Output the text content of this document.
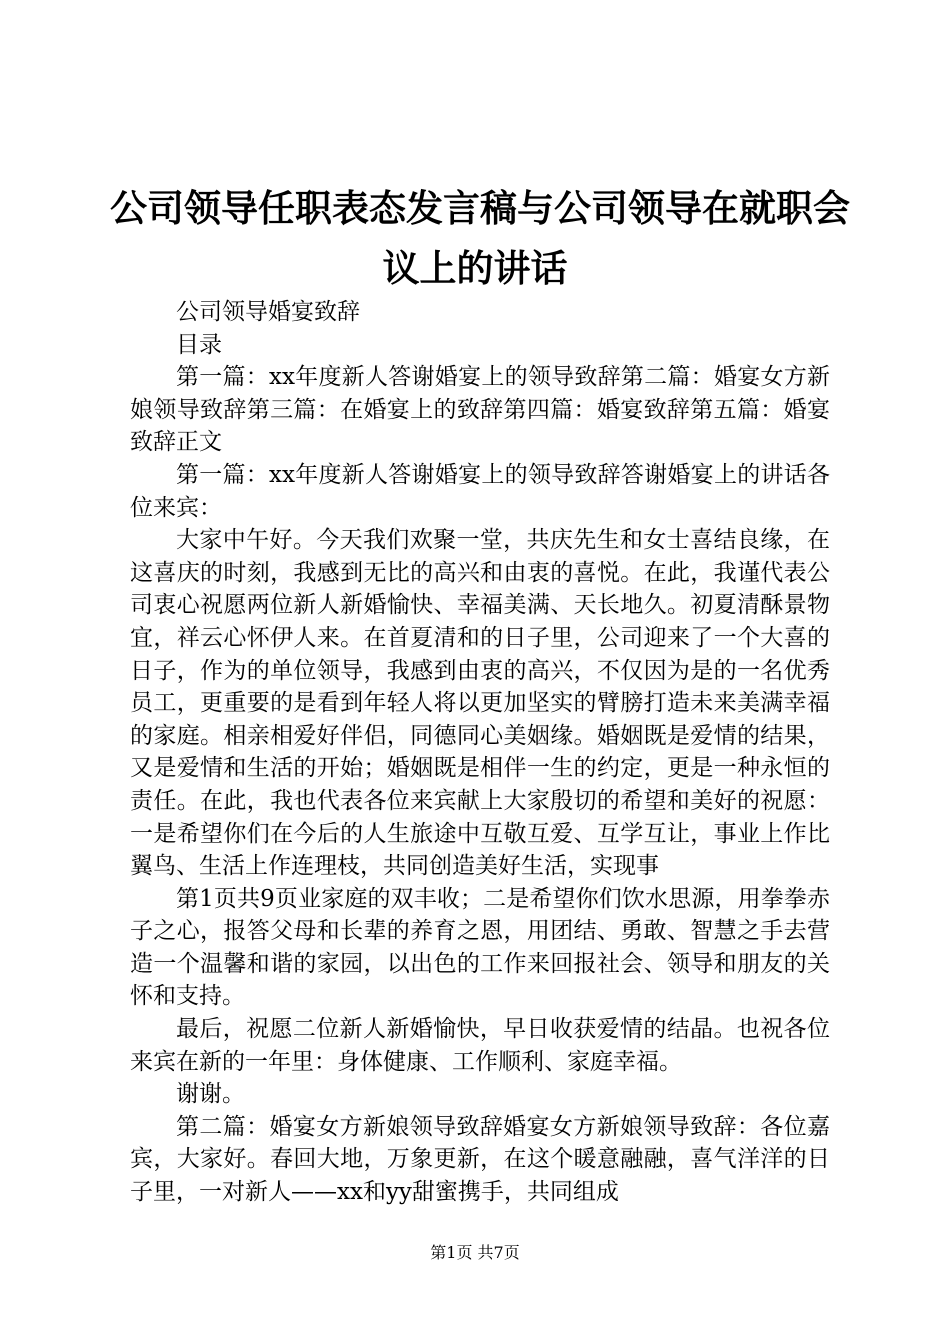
公司领导任职表态发言稿与公司领导在就职会
议上的讲话

公司领导婚宴致辞

目录

第一篇：xx年度新人答谢婚宴上的领导致辞第二篇：婚宴女方新娘领导致辞第三篇：在婚宴上的致辞第四篇：婚宴致辞第五篇：婚宴致辞正文

第一篇：xx年度新人答谢婚宴上的领导致辞答谢婚宴上的讲话各位来宾：

大家中午好。今天我们欢聚一堂，共庆先生和女士喜结良缘，在这喜庆的时刻，我感到无比的高兴和由衷的喜悦。在此，我谨代表公司衷心祝愿两位新人新婚愉快、幸福美满、天长地久。初夏清酥景物宜，祥云心怀伊人来。在首夏清和的日子里，公司迎来了一个大喜的日子，作为的单位领导，我感到由衷的高兴，不仅因为是的一名优秀员工，更重要的是看到年轻人将以更加坚实的臂膀打造未来美满幸福的家庭。相亲相爱好伴侣，同德同心美姻缘。婚姻既是爱情的结果，又是爱情和生活的开始；婚姻既是相伴一生的约定，更是一种永恒的责任。在此，我也代表各位来宾献上大家殷切的希望和美好的祝愿：一是希望你们在今后的人生旅途中互敬互爱、互学互让，事业上作比翼鸟、生活上作连理枝，共同创造美好生活，实现事

第1页共9页业家庭的双丰收；二是希望你们饮水思源，用拳拳赤子之心，报答父母和长辈的养育之恩，用团结、勇敢、智慧之手去营造一个温馨和谐的家园，以出色的工作来回报社会、领导和朋友的关怀和支持。

最后，祝愿二位新人新婚愉快，早日收获爱情的结晶。也祝各位来宾在新的一年里：身体健康、工作顺利、家庭幸福。

谢谢。

第二篇：婚宴女方新娘领导致辞婚宴女方新娘领导致辞：各位嘉宾，大家好。春回大地，万象更新，在这个暖意融融，喜气洋洋的日子里，一对新人——xx和yy甜蜜携手，共同组成

第1页 共7页
